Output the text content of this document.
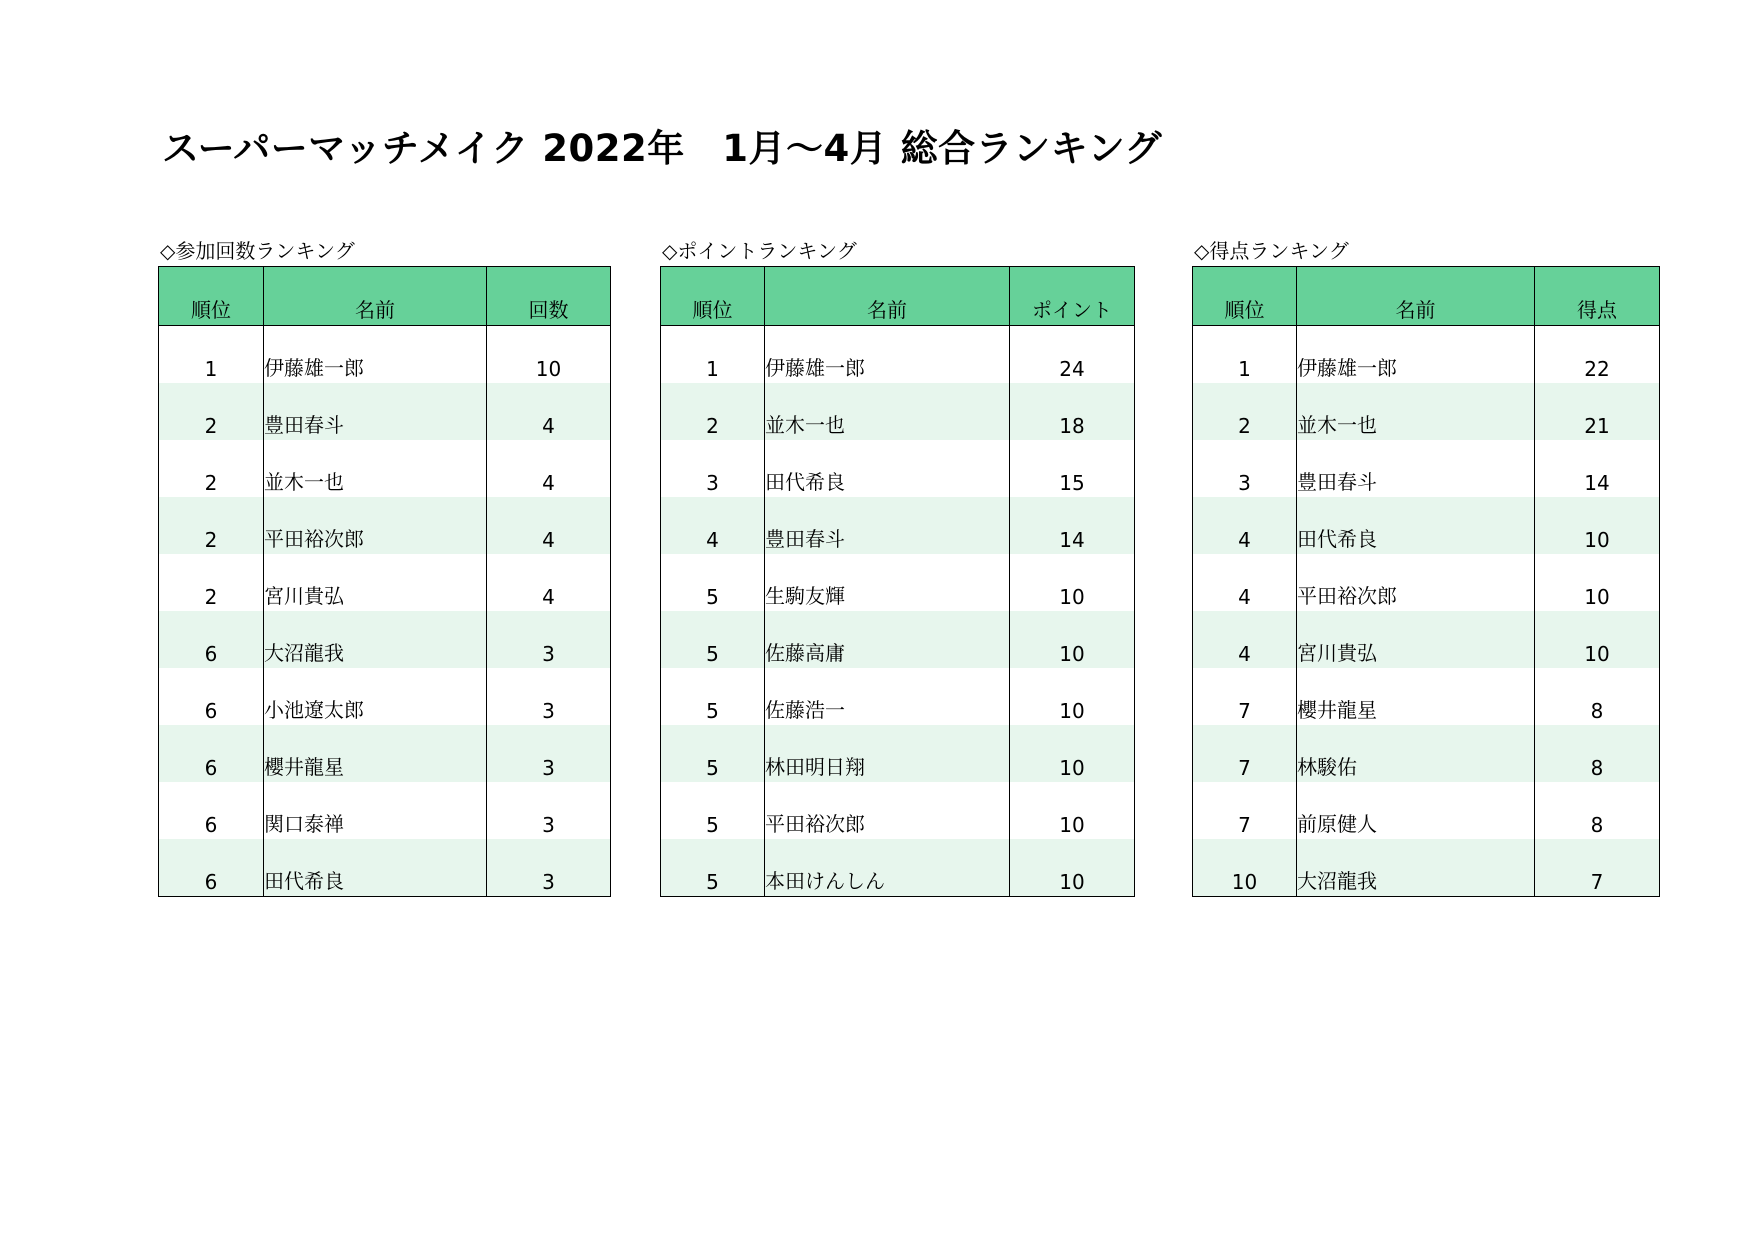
スーパーマッチメイク 2022年　1月～4月 総合ランキング
◇参加回数ランキング
順位	名前	回数
1	伊藤雄一郎	10
2	豊田春斗	4
2	並木一也	4
2	平田裕次郎	4
2	宮川貴弘	4
6	大沼龍我	3
6	小池遼太郎	3
6	櫻井龍星	3
6	関口泰禅	3
6	田代希良	3
◇ポイントランキング
順位	名前	ポイント
1	伊藤雄一郎	24
2	並木一也	18
3	田代希良	15
4	豊田春斗	14
5	生駒友輝	10
5	佐藤高庸	10
5	佐藤浩一	10
5	林田明日翔	10
5	平田裕次郎	10
5	本田けんしん	10
◇得点ランキング
順位	名前	得点
1	伊藤雄一郎	22
2	並木一也	21
3	豊田春斗	14
4	田代希良	10
4	平田裕次郎	10
4	宮川貴弘	10
7	櫻井龍星	8
7	林駿佑	8
7	前原健人	8
10	大沼龍我	7
